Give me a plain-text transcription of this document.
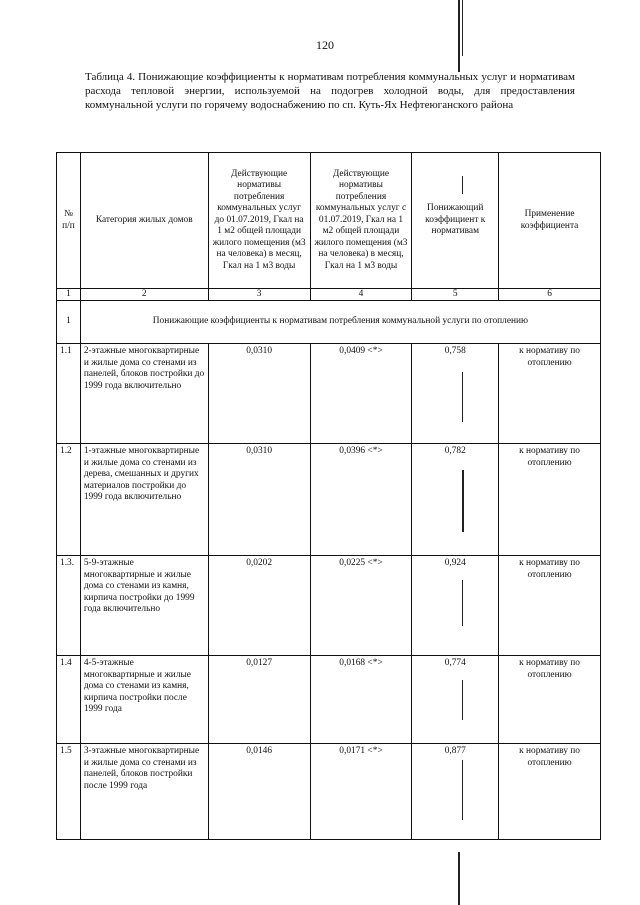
120
Таблица 4. Понижающие коэффициенты к нормативам потребления коммунальных услуг и нормативам расхода тепловой энергии, используемой на подогрев холодной воды, для предоставления коммунальной услуги по горячему водоснабжению по сп. Куть-Ях Нефтеюганского района
№ п/п	Категория жилых домов	Действующие нормативы потребления коммунальных услуг до 01.07.2019, Гкал на 1 м2 общей площади жилого помещения (м3 на человека) в месяц, Гкал на 1 м3 воды	Действующие нормативы потребления коммунальных услуг с 01.07.2019, Гкал на 1 м2 общей площади жилого помещения (м3 на человека) в месяц, Гкал на 1 м3 воды	Понижающий коэффициент к нормативам	Применение коэффициента
1	2	3	4	5	6
1	Понижающие коэффициенты к нормативам потребления коммунальной услуги по отоплению				
1.1	2-этажные многоквартирные и жилые дома со стенами из панелей, блоков постройки до 1999 года включительно	0,0310	0,0409 <*>	0,758	к нормативу по отоплению
1.2	1-этажные многоквартирные и жилые дома со стенами из дерева, смешанных и других материалов постройки до 1999 года включительно	0,0310	0,0396 <*>	0,782	к нормативу по отоплению
1.3.	5-9-этажные многоквартирные и жилые дома со стенами из камня, кирпича постройки до 1999 года включительно	0,0202	0,0225 <*>	0,924	к нормативу по отоплению
1.4	4-5-этажные многоквартирные и жилые дома со стенами из камня, кирпича постройки после 1999 года	0,0127	0,0168 <*>	0,774	к нормативу по отоплению
1.5	3-этажные многоквартирные и жилые дома со стенами из панелей, блоков постройки после 1999 года	0,0146	0,0171 <*>	0,877	к нормативу по отоплению
